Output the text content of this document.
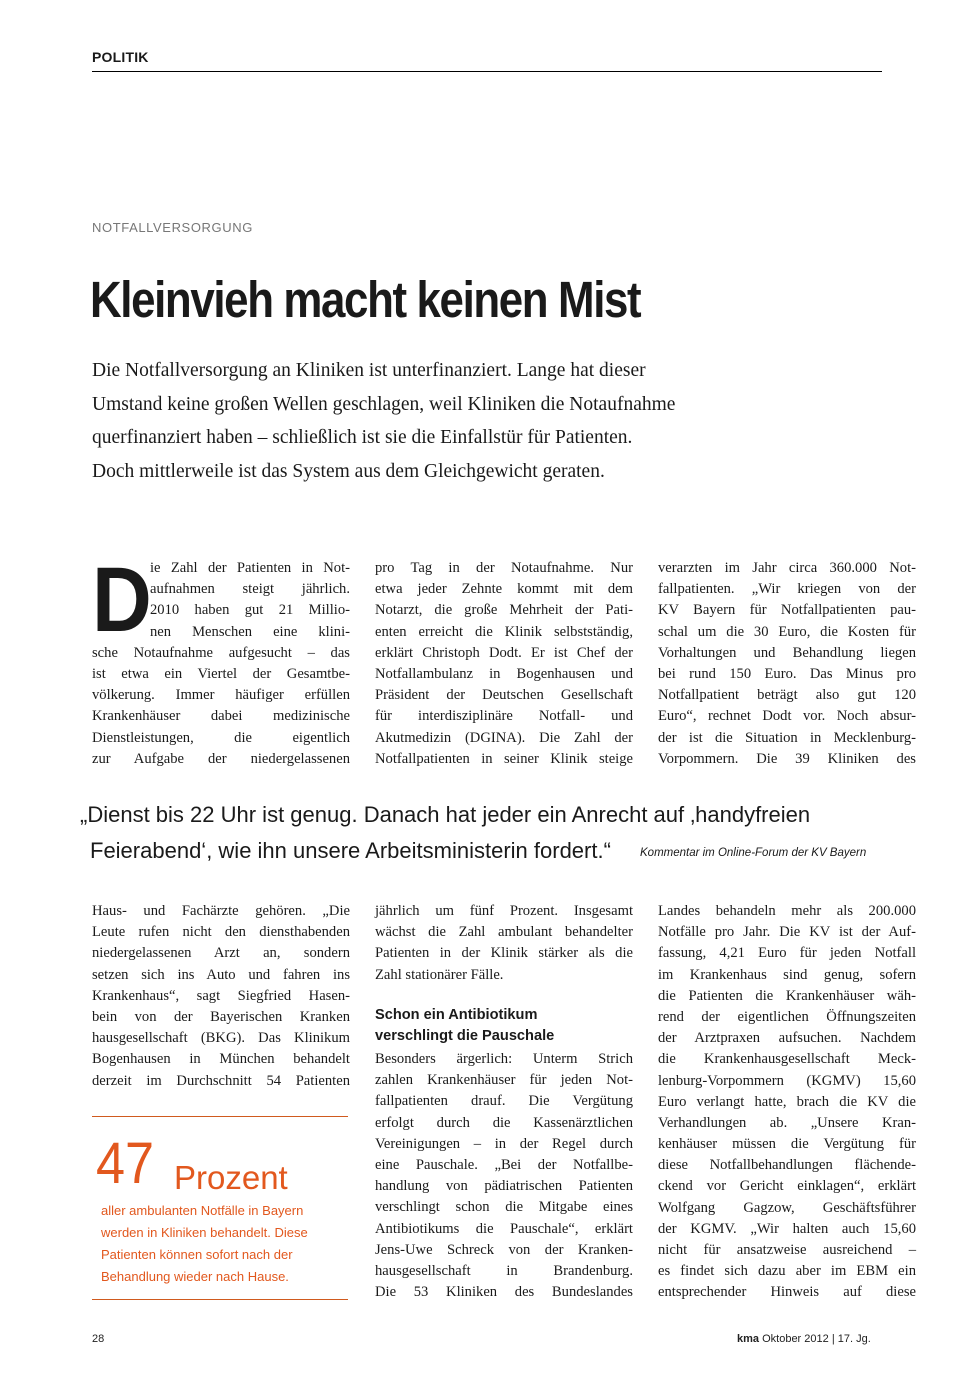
POLITIK
NOTFALLVERSORGUNG
Kleinvieh macht keinen Mist
Die Notfallversorgung an Kliniken ist unterfinanziert. Lange hat dieser
Umstand keine großen Wellen geschlagen, weil Kliniken die Notaufnahme
querfinanziert haben – schließlich ist sie die Einfallstür für Patienten.
Doch mittlerweile ist das System aus dem Gleichgewicht geraten.
D
ie Zahl der Patienten in Not-
aufnahmen steigt jährlich.
2010 haben gut 21 Millio-
nen Menschen eine klini-
sche Notaufnahme aufgesucht – das
ist etwa ein Viertel der Gesamtbe-
völkerung. Immer häufiger erfüllen
Krankenhäuser dabei medizinische
Dienstleistungen, die eigentlich
zur Aufgabe der niedergelassenen
pro Tag in der Notaufnahme. Nur
etwa jeder Zehnte kommt mit dem
Notarzt, die große Mehrheit der Pati-
enten erreicht die Klinik selbstständig,
erklärt Christoph Dodt. Er ist Chef der
Notfallambulanz in Bogenhausen und
Präsident der Deutschen Gesellschaft
für interdisziplinäre Notfall- und
Akutmedizin (DGINA). Die Zahl der
Notfallpatienten in seiner Klinik steige
verarzten im Jahr circa 360.000 Not-
fallpatienten. „Wir kriegen von der
KV Bayern für Notfallpatienten pau-
schal um die 30 Euro, die Kosten für
Vorhaltungen und Behandlung liegen
bei rund 150 Euro. Das Minus pro
Notfallpatient beträgt also gut 120
Euro“, rechnet Dodt vor. Noch absur-
der ist die Situation in Mecklenburg-
Vorpommern. Die 39 Kliniken des
„Dienst bis 22 Uhr ist genug. Danach hat jeder ein Anrecht auf ‚handyfreien
Feierabend‘, wie ihn unsere Arbeitsministerin fordert.“	Kommentar im Online-Forum der KV Bayern
Haus- und Fachärzte gehören. „Die
Leute rufen nicht den diensthabenden
niedergelassenen Arzt an, sondern
setzen sich ins Auto und fahren ins
Krankenhaus“, sagt Siegfried Hasen-
bein von der Bayerischen Kranken
hausgesellschaft (BKG). Das Klinikum
Bogenhausen in München behandelt
derzeit im Durchschnitt 54 Patienten
jährlich um fünf Prozent. Insgesamt
wächst die Zahl ambulant behandelter
Patienten in der Klinik stärker als die
Zahl stationärer Fälle.
Schon ein Antibiotikum
verschlingt die Pauschale
Besonders ärgerlich: Unterm Strich
zahlen Krankenhäuser für jeden Not-
fallpatienten drauf. Die Vergütung
erfolgt durch die Kassenärztlichen
Vereinigungen – in der Regel durch
eine Pauschale. „Bei der Notfallbe-
handlung von pädiatrischen Patienten
verschlingt schon die Mitgabe eines
Antibiotikums die Pauschale“, erklärt
Jens-Uwe Schreck von der Kranken-
hausgesellschaft in Brandenburg.
Die 53 Kliniken des Bundeslandes
Landes behandeln mehr als 200.000
Notfälle pro Jahr. Die KV ist der Auf-
fassung, 4,21 Euro für jeden Notfall
im Krankenhaus sind genug, sofern
die Patienten die Krankenhäuser wäh-
rend der eigentlichen Öffnungszeiten
der Arztpraxen aufsuchen. Nachdem
die Krankenhausgesellschaft Meck-
lenburg-Vorpommern (KGMV) 15,60
Euro verlangt hatte, brach die KV die
Verhandlungen ab. „Unsere Kran-
kenhäuser müssen die Vergütung für
diese Notfallbehandlungen flächende-
ckend vor Gericht einklagen“, erklärt
Wolfgang Gagzow, Geschäftsführer
der KGMV. „Wir halten auch 15,60
nicht für ansatzweise ausreichend –
es findet sich dazu aber im EBM ein
entsprechender Hinweis auf diese
47 Prozent
aller ambulanten Notfälle in Bayern
werden in Kliniken behandelt. Diese
Patienten können sofort nach der
Behandlung wieder nach Hause.
28	kma Oktober 2012 | 17. Jg.
